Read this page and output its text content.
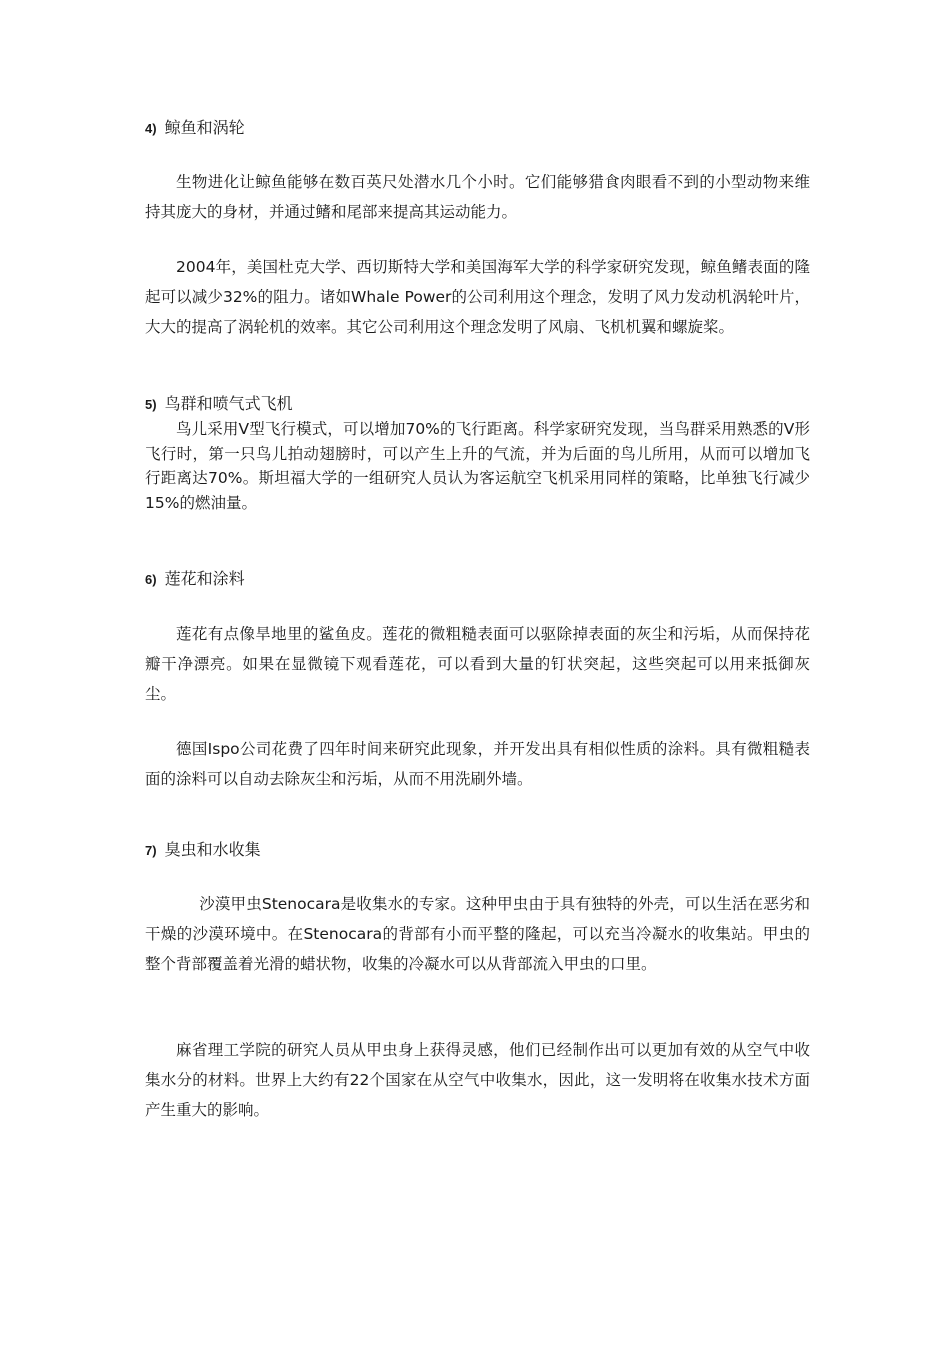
4) 鲸鱼和涡轮
生物进化让鲸鱼能够在数百英尺处潜水几个小时。它们能够猎食肉眼看不到的小型动物来维持其庞大的身材，并通过鳍和尾部来提高其运动能力。
2004年，美国杜克大学、西切斯特大学和美国海军大学的科学家研究发现，鲸鱼鳍表面的隆起可以减少32%的阻力。诸如Whale Power的公司利用这个理念，发明了风力发动机涡轮叶片，大大的提高了涡轮机的效率。其它公司利用这个理念发明了风扇、飞机机翼和螺旋桨。
5) 鸟群和喷气式飞机
鸟儿采用V型飞行模式，可以增加70%的飞行距离。科学家研究发现，当鸟群采用熟悉的V形飞行时，第一只鸟儿拍动翅膀时，可以产生上升的气流，并为后面的鸟儿所用，从而可以增加飞行距离达70%。斯坦福大学的一组研究人员认为客运航空飞机采用同样的策略，比单独飞行减少15%的燃油量。
6) 莲花和涂料
莲花有点像旱地里的鲨鱼皮。莲花的微粗糙表面可以驱除掉表面的灰尘和污垢，从而保持花瓣干净漂亮。如果在显微镜下观看莲花，可以看到大量的钉状突起，这些突起可以用来抵御灰尘。
德国Ispo公司花费了四年时间来研究此现象，并开发出具有相似性质的涂料。具有微粗糙表面的涂料可以自动去除灰尘和污垢，从而不用洗刷外墙。
7) 臭虫和水收集
沙漠甲虫Stenocara是收集水的专家。这种甲虫由于具有独特的外壳，可以生活在恶劣和干燥的沙漠环境中。在Stenocara的背部有小而平整的隆起，可以充当冷凝水的收集站。甲虫的整个背部覆盖着光滑的蜡状物，收集的冷凝水可以从背部流入甲虫的口里。
麻省理工学院的研究人员从甲虫身上获得灵感，他们已经制作出可以更加有效的从空气中收集水分的材料。世界上大约有22个国家在从空气中收集水，因此，这一发明将在收集水技术方面产生重大的影响。
